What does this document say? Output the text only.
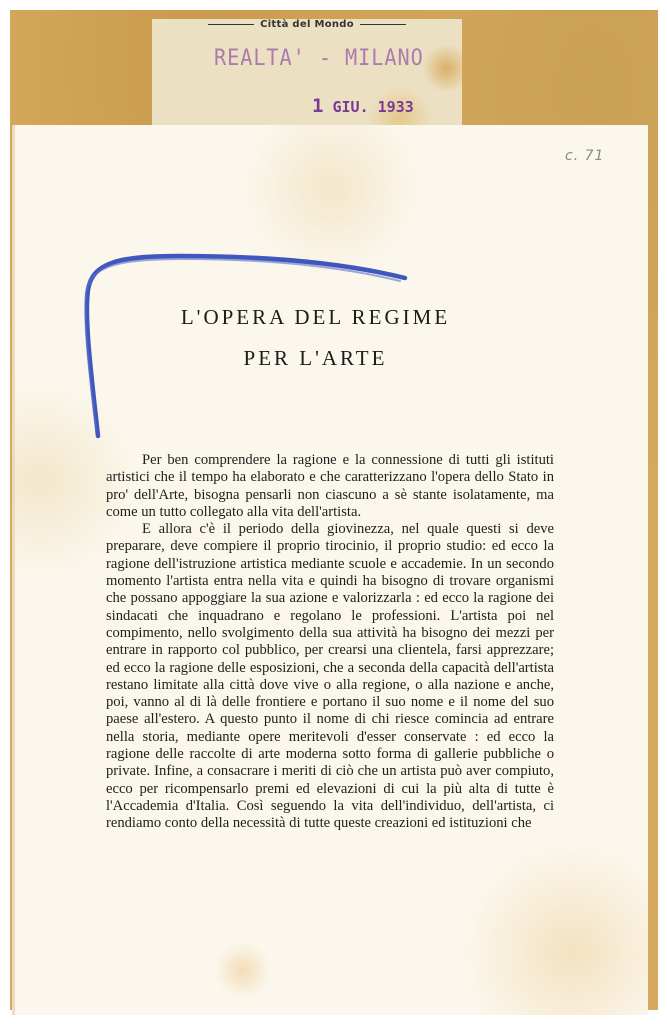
Città del Mondo
REALTA' - MILANO
1 GIU. 1933
c. 71
L'OPERA DEL REGIME
PER L'ARTE

Per ben comprendere la ragione e la connessione di tutti gli istituti artistici che il tempo ha elaborato e che caratterizzano l'opera dello Stato in pro' dell'Arte, bisogna pensarli non ciascuno a sè stante isolatamente, ma come un tutto collegato alla vita dell'artista.

E allora c'è il periodo della giovinezza, nel quale questi si deve preparare, deve compiere il proprio tirocinio, il proprio studio: ed ecco la ragione dell'istruzione artistica mediante scuole e accademie. In un secondo momento l'artista entra nella vita e quindi ha bisogno di trovare organismi che possano appoggiare la sua azione e valorizzarla : ed ecco la ragione dei sindacati che inquadrano e regolano le professioni. L'artista poi nel compimento, nello svolgimento della sua attività ha bisogno dei mezzi per entrare in rapporto col pubblico, per crearsi una clientela, farsi apprezzare; ed ecco la ragione delle esposizioni, che a seconda della capacità dell'artista restano limitate alla città dove vive o alla regione, o alla nazione e anche, poi, vanno al di là delle frontiere e portano il suo nome e il nome del suo paese all'estero. A questo punto il nome di chi riesce comincia ad entrare nella storia, mediante opere meritevoli d'esser conservate : ed ecco la ragione delle raccolte di arte moderna sotto forma di gallerie pubbliche o private. Infine, a consacrare i meriti di ciò che un artista può aver compiuto, ecco per ricompensarlo premi ed elevazioni di cui la più alta di tutte è l'Accademia d'Italia. Così seguendo la vita dell'individuo, dell'artista, ci rendiamo conto della necessità di tutte queste creazioni ed istituzioni che
